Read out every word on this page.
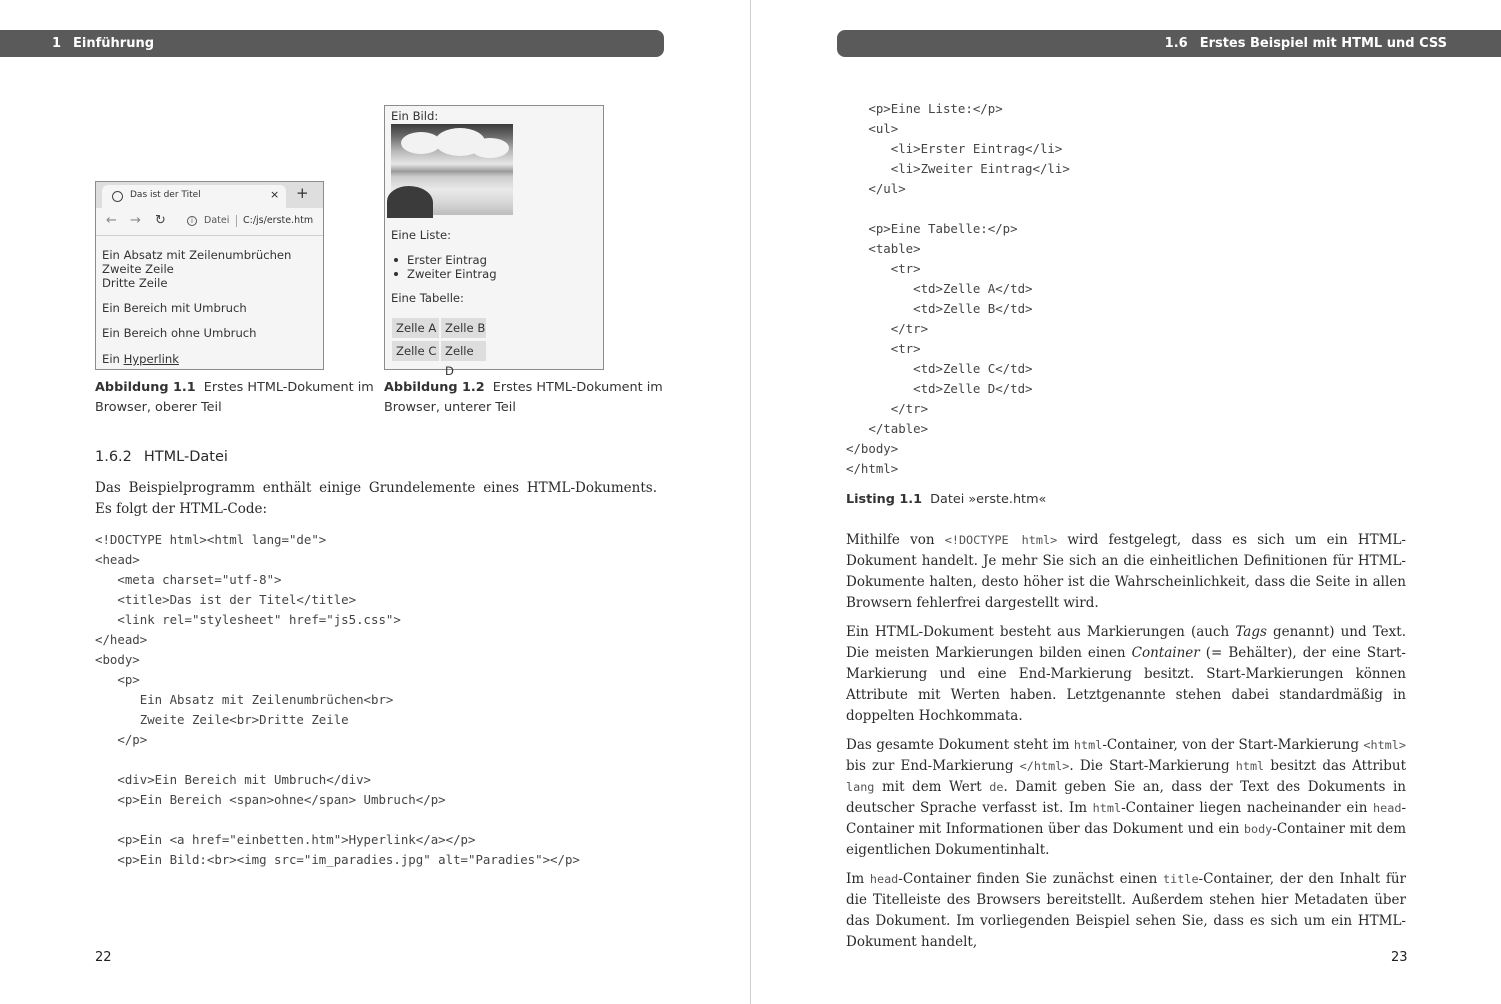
1 Einführung
Das ist der Titel	× +
← → ↻	i	Datei C:/js/erste.htm
Ein Absatz mit Zeilenumbrüchen
Zweite Zeile
Dritte Zeile
Ein Bereich mit Umbruch
Ein Bereich ohne Umbruch
Ein Hyperlink
Ein Bild:
Eine Liste:
Erster Eintrag
Zweiter Eintrag
Eine Tabelle:
Zelle A Zelle B
Zelle C Zelle D
Abbildung 1.1 Erstes HTML-Dokument im
Browser, oberer Teil
Abbildung 1.2 Erstes HTML-Dokument im
Browser, unterer Teil
1.6.2 HTML-Datei

Das Beispielprogramm enthält einige Grundelemente eines HTML-Dokuments. Es folgt der HTML-Code:

<!DOCTYPE html><html lang="de">
<head>
<meta charset="utf-8">
<title>Das ist der Titel</title>
<link rel="stylesheet" href="js5.css">
</head>
<body>
<p>
Ein Absatz mit Zeilenumbrüchen<br>
Zweite Zeile<br>Dritte Zeile
</p>

<div>Ein Bereich mit Umbruch</div>
<p>Ein Bereich <span>ohne</span> Umbruch</p>

<p>Ein <a href="einbetten.htm">Hyperlink</a></p>
<p>Ein Bild:<br><img src="im_paradies.jpg" alt="Paradies"></p>
22
1.6 Erstes Beispiel mit HTML und CSS
<p>Eine Liste:</p>
<ul>
<li>Erster Eintrag</li>
<li>Zweiter Eintrag</li>
</ul>

<p>Eine Tabelle:</p>
<table>
<tr>
<td>Zelle A</td>
<td>Zelle B</td>
</tr>
<tr>
<td>Zelle C</td>
<td>Zelle D</td>
</tr>
</table>
</body>
</html>
Listing 1.1 Datei »erste.htm«

Mithilfe von <!DOCTYPE html> wird festgelegt, dass es sich um ein HTML-Dokument handelt. Je mehr Sie sich an die einheitlichen Definitionen für HTML-Dokumente halten, desto höher ist die Wahrscheinlichkeit, dass die Seite in allen Browsern fehlerfrei dargestellt wird.

Ein HTML-Dokument besteht aus Markierungen (auch Tags genannt) und Text. Die meisten Markierungen bilden einen Container (= Behälter), der eine Start-Markierung und eine End-Markierung besitzt. Start-Markierungen können Attribute mit Werten haben. Letztgenannte stehen dabei standardmäßig in doppelten Hochkommata.

Das gesamte Dokument steht im html-Container, von der Start-Markierung <html> bis zur End-Markierung </html>. Die Start-Markierung html besitzt das Attribut lang mit dem Wert de. Damit geben Sie an, dass der Text des Dokuments in deutscher Sprache verfasst ist. Im html-Container liegen nacheinander ein head-Container mit Informationen über das Dokument und ein body-Container mit dem eigentlichen Dokumentinhalt.

Im head-Container finden Sie zunächst einen title-Container, der den Inhalt für die Titelleiste des Browsers bereitstellt. Außerdem stehen hier Metadaten über das Dokument. Im vorliegenden Beispiel sehen Sie, dass es sich um ein HTML-Dokument handelt,

23
